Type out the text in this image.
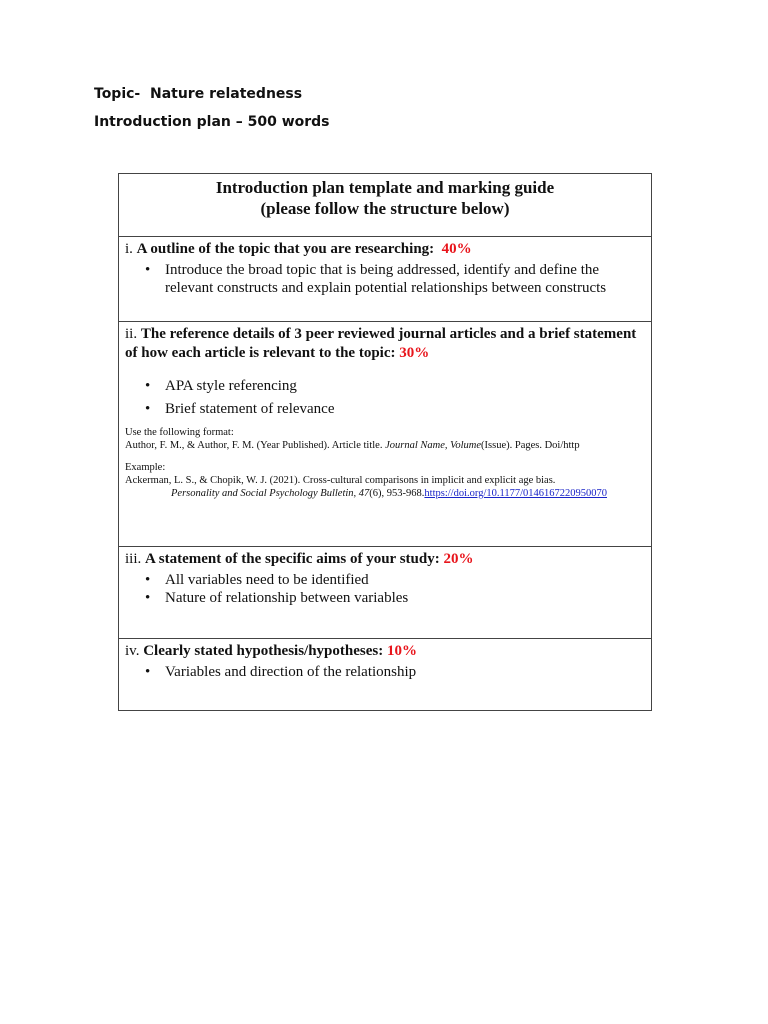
Topic-  Nature relatedness
Introduction plan – 500 words
Introduction plan template and marking guide
(please follow the structure below)
i. A outline of the topic that you are researching: 40%
• Introduce the broad topic that is being addressed, identify and define the relevant constructs and explain potential relationships between constructs
ii. The reference details of 3 peer reviewed journal articles and a brief statement of how each article is relevant to the topic: 30%
• APA style referencing
• Brief statement of relevance
Use the following format:
Author, F. M., & Author, F. M. (Year Published). Article title. Journal Name, Volume(Issue). Pages. Doi/http
Example:
Ackerman, L. S., & Chopik, W. J. (2021). Cross-cultural comparisons in implicit and explicit age bias.
Personality and Social Psychology Bulletin, 47(6), 953-968.https://doi.org/10.1177/0146167220950070
iii. A statement of the specific aims of your study: 20%
• All variables need to be identified
• Nature of relationship between variables
iv. Clearly stated hypothesis/hypotheses: 10%
• Variables and direction of the relationship
